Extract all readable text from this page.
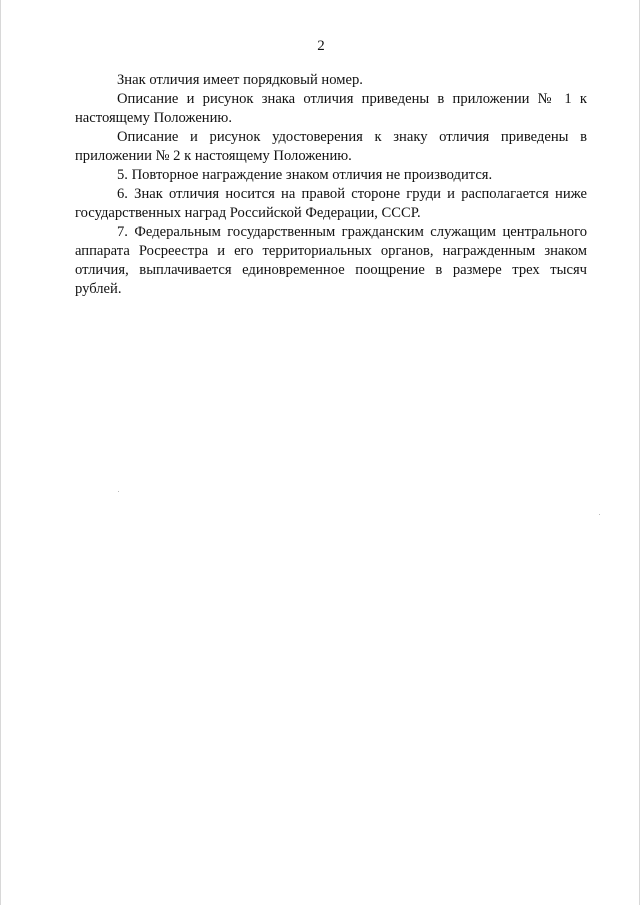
2

Знак отличия имеет порядковый номер.

Описание и рисунок знака отличия приведены в приложении № 1 к настоящему Положению.

Описание и рисунок удостоверения к знаку отличия приведены в приложении № 2 к настоящему Положению.

5. Повторное награждение знаком отличия не производится.

6. Знак отличия носится на правой стороне груди и располагается ниже государственных наград Российской Федерации, СССР.

7. Федеральным государственным гражданским служащим центрального аппарата Росреестра и его территориальных органов, награжденным знаком отличия, выплачивается единовременное поощрение в размере трех тысяч рублей.
